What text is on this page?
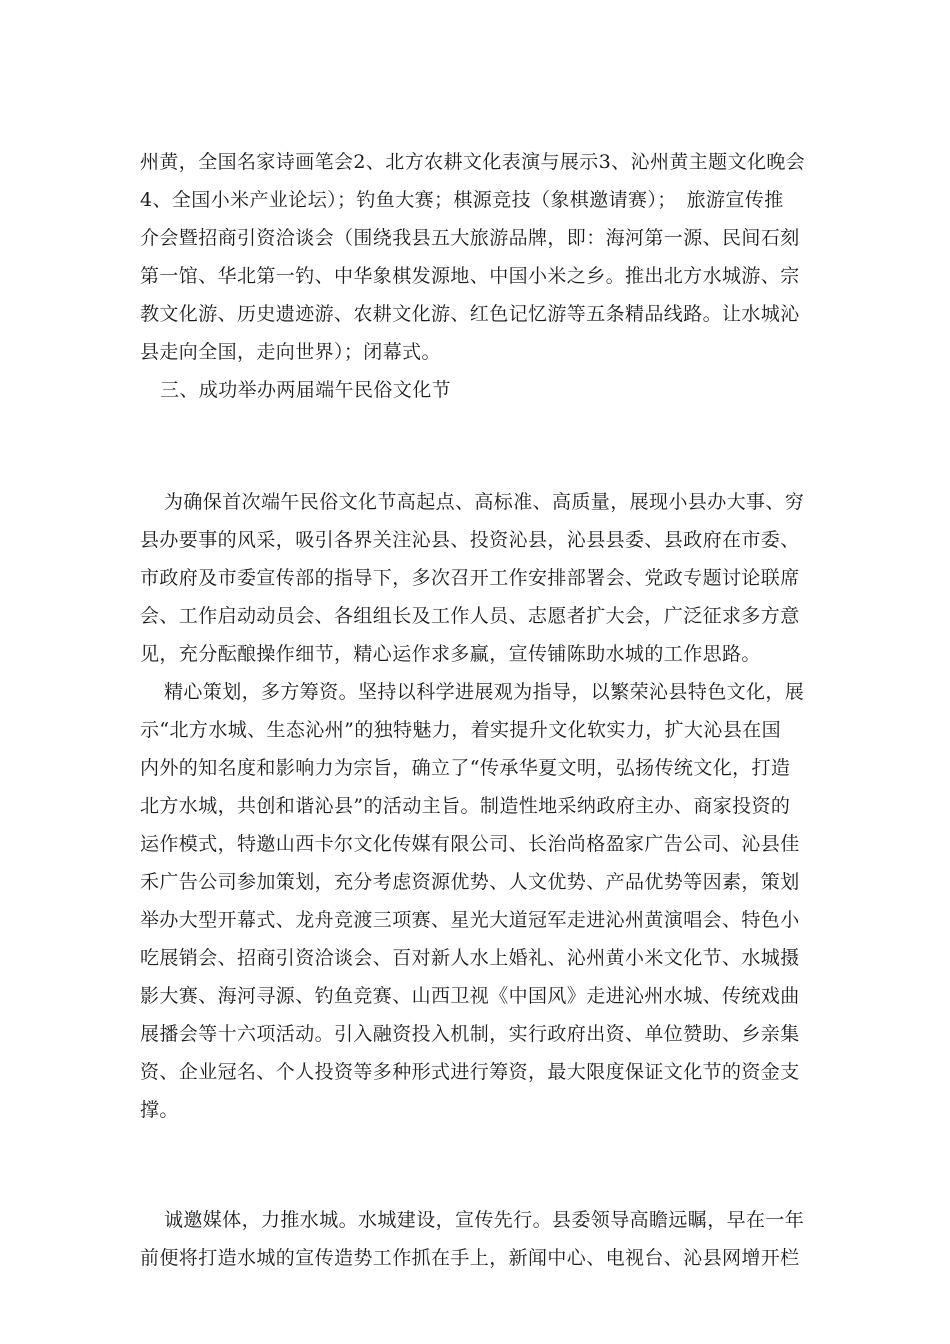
州黄，全国名家诗画笔会2、北方农耕文化表演与展示3、沁州黄主题文化晚会
4、全国小米产业论坛）；钓鱼大赛；棋源竞技（象棋邀请赛）；　旅游宣传推
介会暨招商引资洽谈会（围绕我县五大旅游品牌，即：海河第一源、民间石刻
第一馆、华北第一钓、中华象棋发源地、中国小米之乡。推出北方水城游、宗
教文化游、历史遗迹游、农耕文化游、红色记忆游等五条精品线路。让水城沁
县走向全国，走向世界）；闭幕式。
三、成功举办两届端午民俗文化节
为确保首次端午民俗文化节高起点、高标准、高质量，展现小县办大事、穷
县办要事的风采，吸引各界关注沁县、投资沁县，沁县县委、县政府在市委、
市政府及市委宣传部的指导下，多次召开工作安排部署会、党政专题讨论联席
会、工作启动动员会、各组组长及工作人员、志愿者扩大会，广泛征求多方意
见，充分酝酿操作细节，精心运作求多赢，宣传铺陈助水城的工作思路。
精心策划，多方筹资。坚持以科学进展观为指导，以繁荣沁县特色文化，展
示“北方水城、生态沁州”的独特魅力，着实提升文化软实力，扩大沁县在国
内外的知名度和影响力为宗旨，确立了“传承华夏文明，弘扬传统文化，打造
北方水城，共创和谐沁县”的活动主旨。制造性地采纳政府主办、商家投资的
运作模式，特邀山西卡尔文化传媒有限公司、长治尚格盈家广告公司、沁县佳
禾广告公司参加策划，充分考虑资源优势、人文优势、产品优势等因素，策划
举办大型开幕式、龙舟竞渡三项赛、星光大道冠军走进沁州黄演唱会、特色小
吃展销会、招商引资洽谈会、百对新人水上婚礼、沁州黄小米文化节、水城摄
影大赛、海河寻源、钓鱼竞赛、山西卫视《中国风》走进沁州水城、传统戏曲
展播会等十六项活动。引入融资投入机制，实行政府出资、单位赞助、乡亲集
资、企业冠名、个人投资等多种形式进行筹资，最大限度保证文化节的资金支
撑。
诚邀媒体，力推水城。水城建设，宣传先行。县委领导高瞻远瞩，早在一年
前便将打造水城的宣传造势工作抓在手上，新闻中心、电视台、沁县网增开栏
